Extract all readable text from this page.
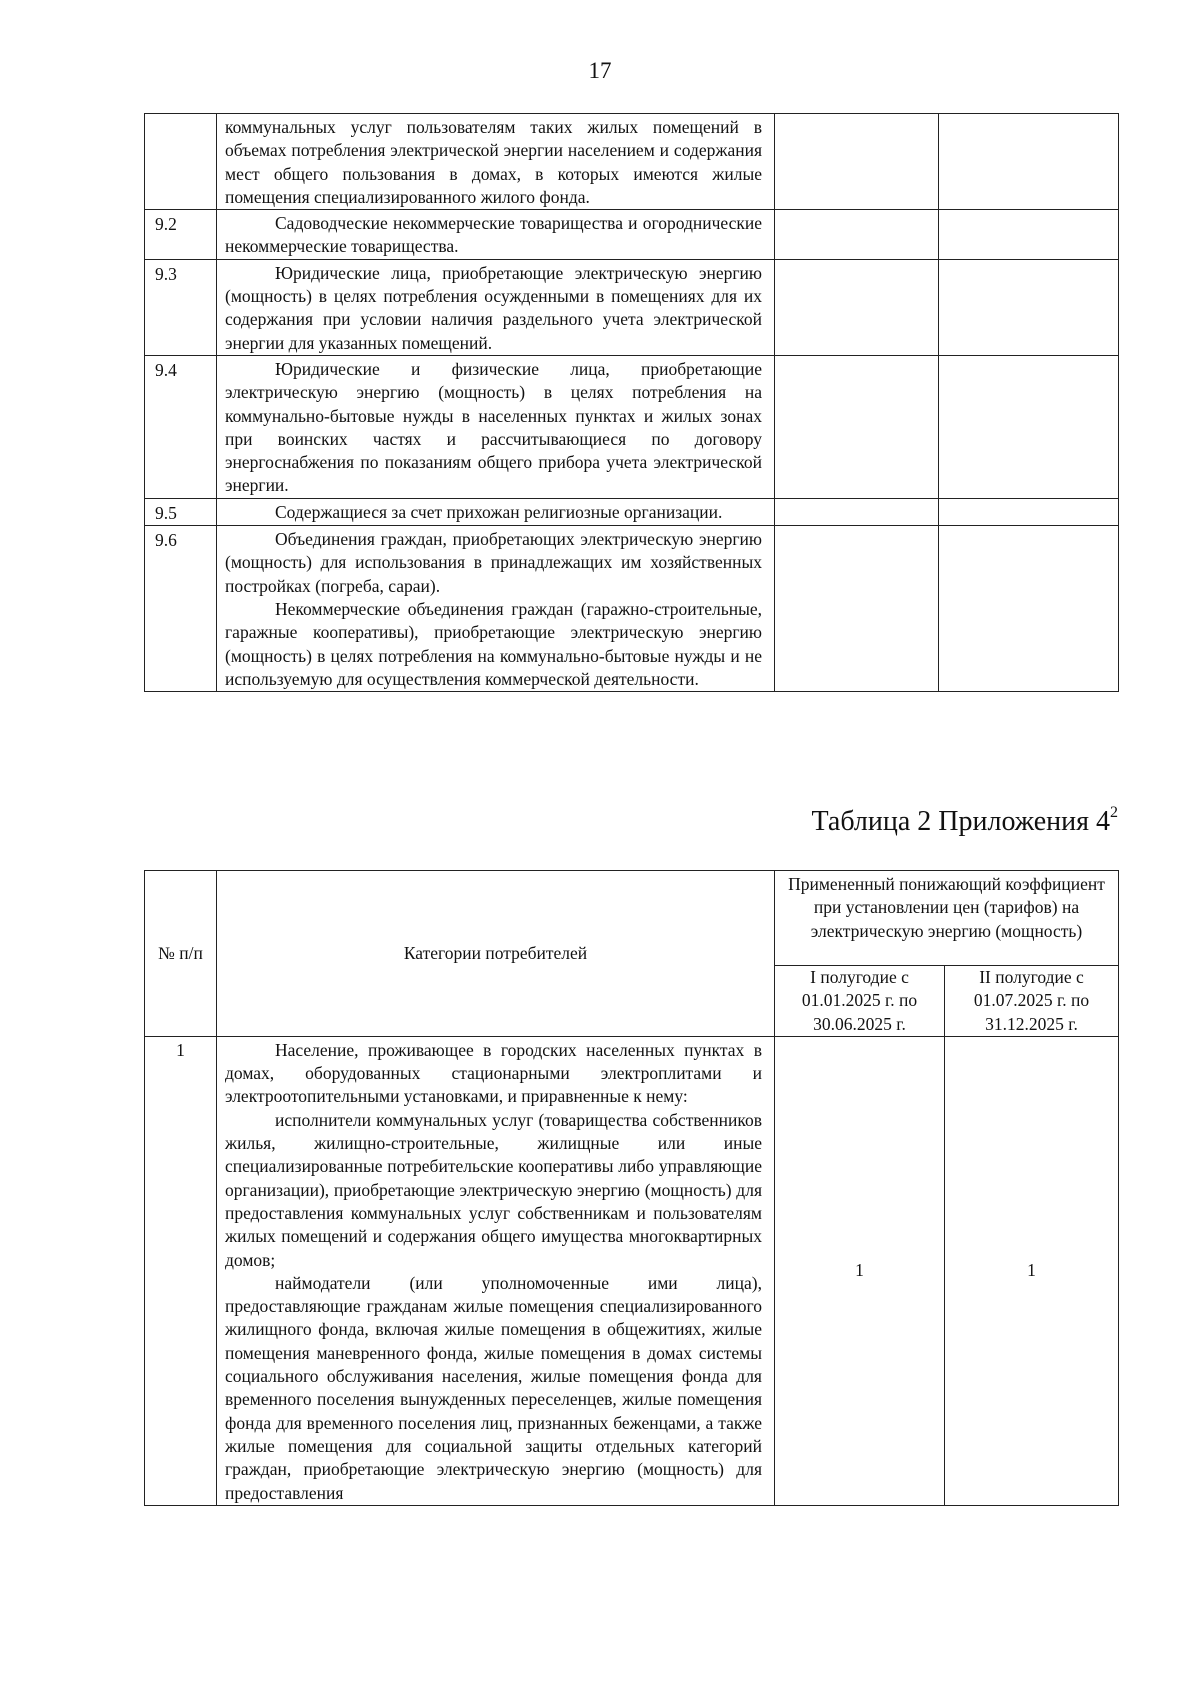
17

	коммунальных услуг пользователям таких жилых помещений в объемах потребления электрической энергии населением и содержания мест общего пользования в домах, в которых имеются жилые помещения специализированного жилого фонда.		

9.2	Садоводческие некоммерческие товарищества и огороднические некоммерческие товарищества.		

9.3	Юридические лица, приобретающие электрическую энергию (мощность) в целях потребления осужденными в помещениях для их содержания при условии наличия раздельного учета электрической энергии для указанных помещений.		

9.4	Юридические и физические лица, приобретающие электрическую энергию (мощность) в целях потребления на коммунально-бытовые нужды в населенных пунктах и жилых зонах при воинских частях и рассчитывающиеся по договору энергоснабжения по показаниям общего прибора учета электрической энергии.		

9.5	Содержащиеся за счет прихожан религиозные организации.		

9.6	Объединения граждан, приобретающих электрическую энергию (мощность) для использования в принадлежащих им хозяйственных постройках (погреба, сараи).
Некоммерческие объединения граждан (гаражно-строительные, гаражные кооперативы), приобретающие электрическую энергию (мощность) в целях потребления на коммунально-бытовые нужды и не используемую для осуществления коммерческой деятельности.		

Таблица 2 Приложения $4^2$
№ п/п	Категории потребителей	Примененный понижающий коэффициент при установлении цен (тарифов) на электрическую энергию (мощность)	
		I полугодие с 01.01.2025 г. по 30.06.2025 г.	II полугодие с 01.07.2025 г. по 31.12.2025 г.
1	Население, проживающее в городских населенных пунктах в домах, оборудованных стационарными электроплитами и электроотопительными установками, и приравненные к нему:
исполнители коммунальных услуг (товарищества собственников жилья, жилищно-строительные, жилищные или иные специализированные потребительские кооперативы либо управляющие организации), приобретающие электрическую энергию (мощность) для предоставления коммунальных услуг собственникам и пользователям жилых помещений и содержания общего имущества многоквартирных домов;
наймодатели (или уполномоченные ими лица), предоставляющие гражданам жилые помещения специализированного жилищного фонда, включая жилые помещения в общежитиях, жилые помещения маневренного фонда, жилые помещения в домах системы социального обслуживания населения, жилые помещения фонда для временного поселения вынужденных переселенцев, жилые помещения фонда для временного поселения лиц, признанных беженцами, а также жилые помещения для социальной защиты отдельных категорий граждан, приобретающие электрическую энергию (мощность) для предоставления	1	1
